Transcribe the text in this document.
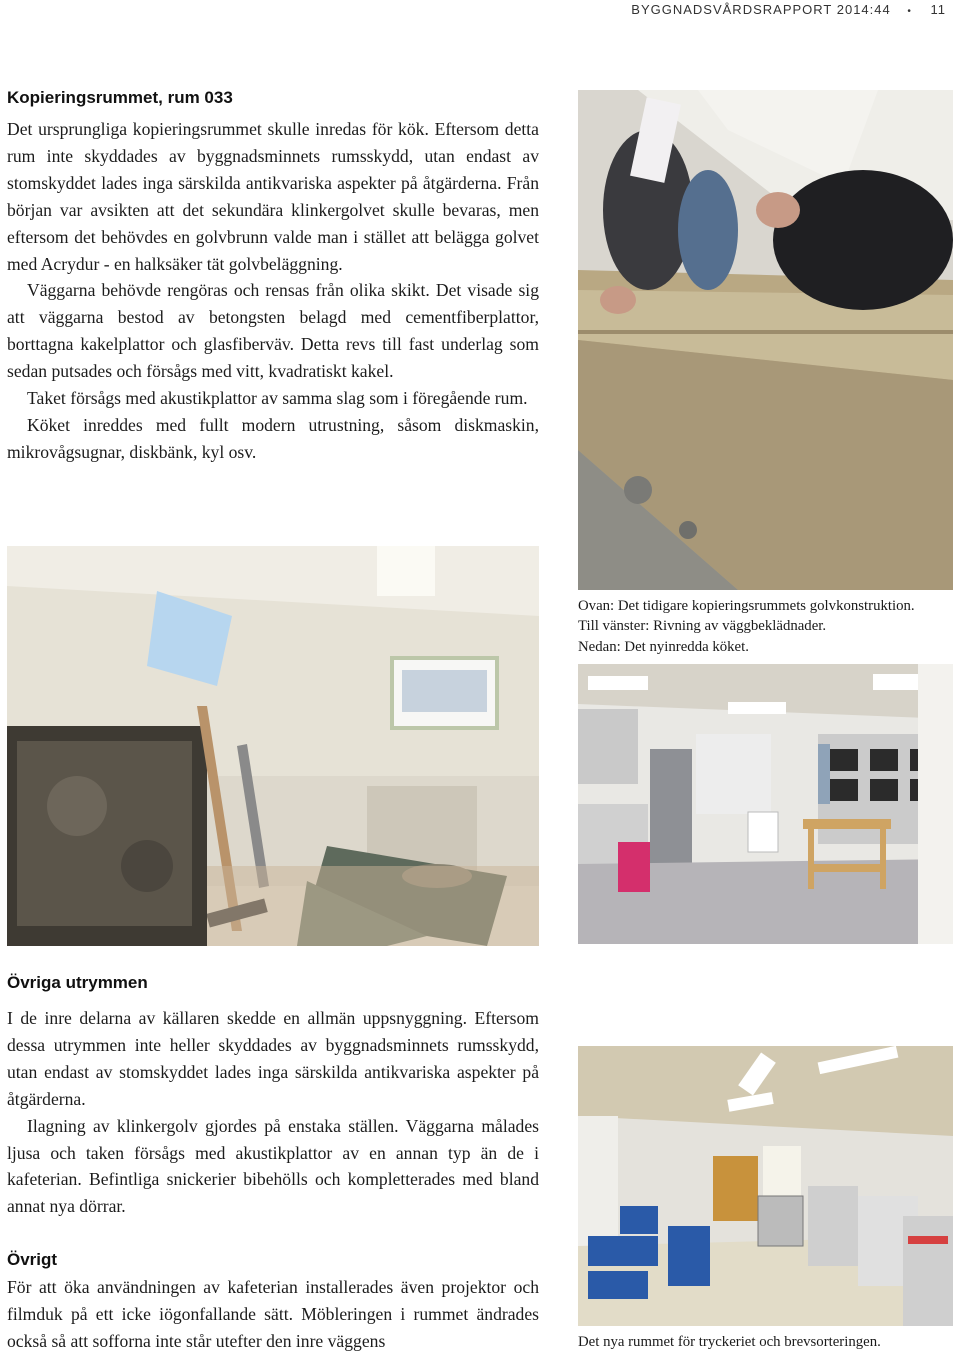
BYGGNADSVÅRDSRAPPORT 2014:44 • 11
Kopieringsrummet, rum 033

Det ursprungliga kopieringsrummet skulle inredas för kök. Eftersom detta rum inte skyddades av byggnadsminnets rumsskydd, utan endast av stomskyddet lades inga särskilda antikvariska aspekter på åtgärderna. Från början var avsikten att det sekundära klinkergolvet skulle bevaras, men eftersom det behövdes en golvbrunn valde man i stället att belägga golvet med Acrydur - en halksäker tät golvbeläggning.

Väggarna behövde rengöras och rensas från olika skikt. Det visade sig att väggarna bestod av betongsten belagd med cementfiberplattor, borttagna kakelplattor och glasfiberväv. Detta revs till fast underlag som sedan putsades och försågs med vitt, kvadratiskt kakel.

Taket försågs med akustikplattor av samma slag som i föregående rum.

Köket inreddes med fullt modern utrustning, såsom diskmaskin, mikrovågsugnar, diskbänk, kyl osv.

Ovan: Det tidigare kopieringsrummets golvkonstruktion.
Till vänster: Rivning av väggbeklädnader.
Nedan: Det nyinredda köket.
Övriga utrymmen

I de inre delarna av källaren skedde en allmän uppsnyggning. Eftersom dessa utrymmen inte heller skyddades av byggnadsminnets rumsskydd, utan endast av stomskyddet lades inga särskilda antikvariska aspekter på åtgärderna.

Ilagning av klinkergolv gjordes på enstaka ställen. Väggarna målades ljusa och taken försågs med akustikplattor av en annan typ än de i kafeterian. Befintliga snickerier bibehölls och kompletterades med bland annat nya dörrar.

Övrigt

För att öka användningen av kafeterian installerades även projektor och filmduk på ett icke iögonfallande sätt. Möbleringen i rummet ändrades också så att sofforna inte står utefter den inre väggens	Det nya rummet för tryckeriet och brevsorteringen.
